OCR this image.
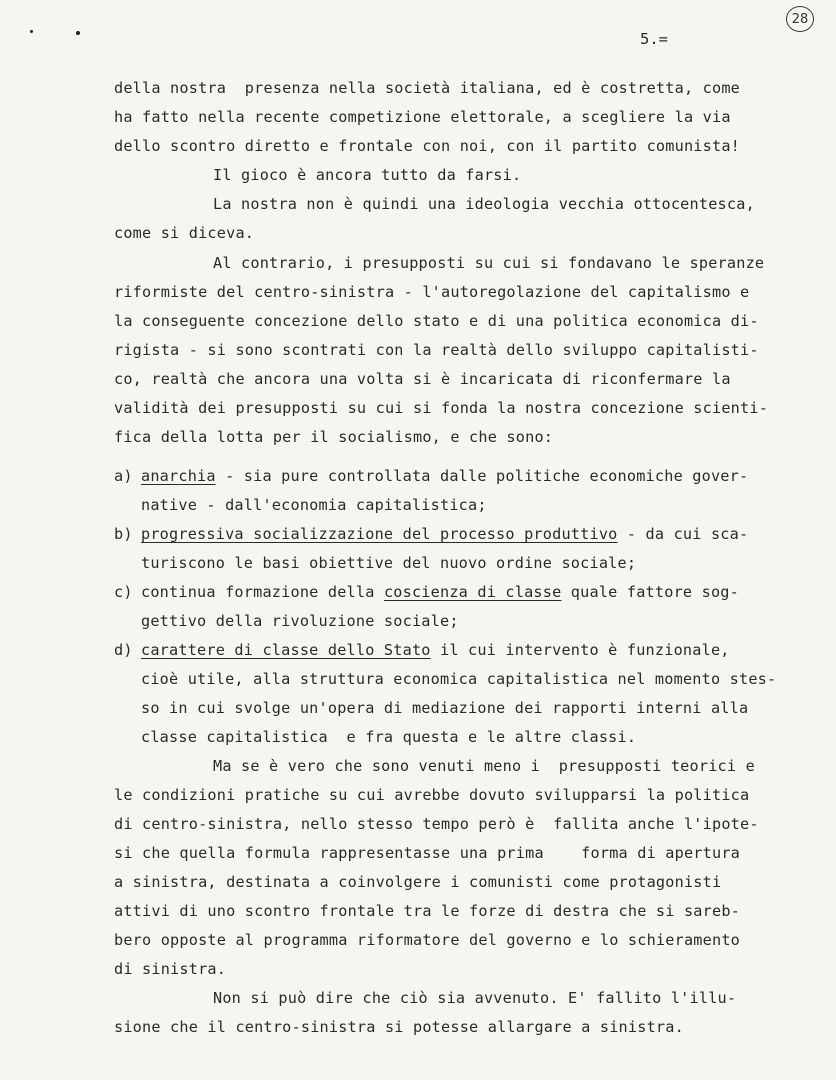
5.=
28
della nostra  presenza nella società italiana, ed è costretta, come
ha fatto nella recente competizione elettorale, a scegliere la via
dello scontro diretto e frontale con noi, con il partito comunista!
Il gioco è ancora tutto da farsi.
La nostra non è quindi una ideologia vecchia ottocentesca,
come si diceva.
Al contrario, i presupposti su cui si fondavano le speranze
riformiste del centro-sinistra - l'autoregolazione del capitalismo e
la conseguente concezione dello stato e di una politica economica di-
rigista - si sono scontrati con la realtà dello sviluppo capitalisti-
co, realtà che ancora una volta si è incaricata di riconfermare la
validità dei presupposti su cui si fonda la nostra concezione scienti-
fica della lotta per il socialismo, e che sono:
a) anarchia - sia pure controllata dalle politiche economiche gover-
native - dall'economia capitalistica;
b) progressiva socializzazione del processo produttivo - da cui sca-
turiscono le basi obiettive del nuovo ordine sociale;
c) continua formazione della coscienza di classe quale fattore sog-
gettivo della rivoluzione sociale;
d) carattere di classe dello Stato il cui intervento è funzionale,
cioè utile, alla struttura economica capitalistica nel momento stes-
so in cui svolge un'opera di mediazione dei rapporti interni alla
classe capitalistica  e fra questa e le altre classi.
Ma se è vero che sono venuti meno i  presupposti teorici e
le condizioni pratiche su cui avrebbe dovuto svilupparsi la politica
di centro-sinistra, nello stesso tempo però è  fallita anche l'ipote-
si che quella formula rappresentasse una prima    forma di apertura
a sinistra, destinata a coinvolgere i comunisti come protagonisti
attivi di uno scontro frontale tra le forze di destra che si sareb-
bero opposte al programma riformatore del governo e lo schieramento
di sinistra.
Non si può dire che ciò sia avvenuto. E' fallito l'illu-
sione che il centro-sinistra si potesse allargare a sinistra.
